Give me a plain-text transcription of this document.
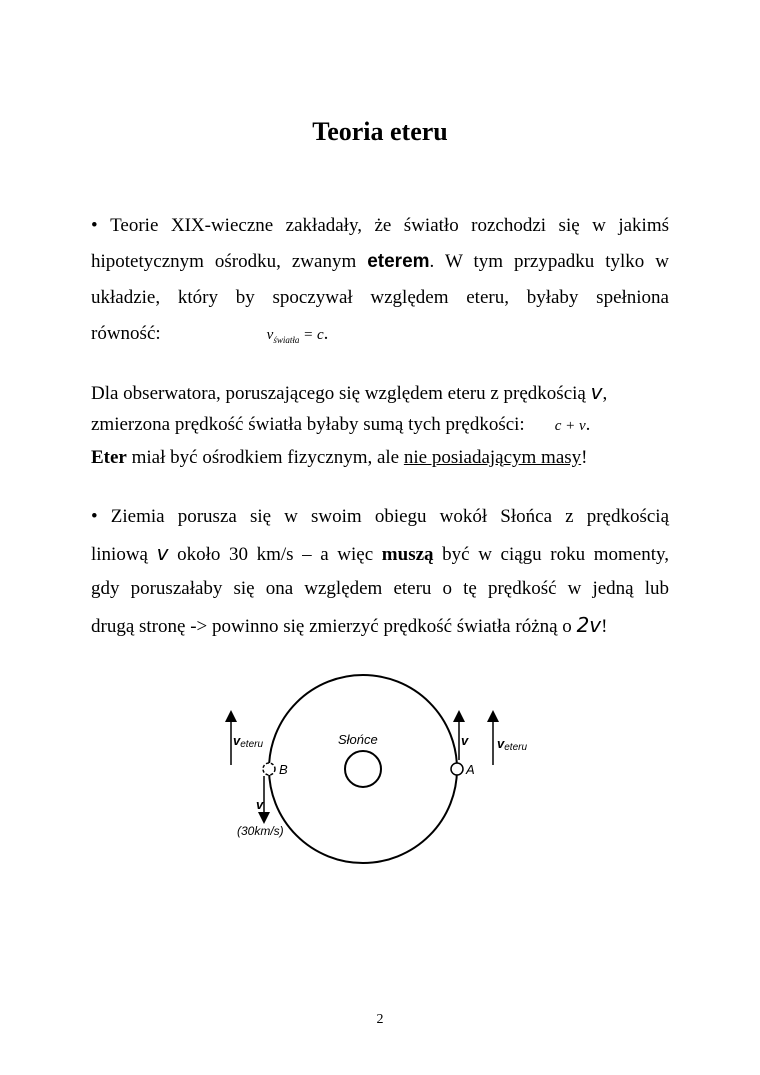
Teoria eteru
• Teorie XIX-wieczne zakładały, że światło rozchodzi się w jakimś
hipotetycznym ośrodku, zwanym eterem. W tym przypadku tylko w
układzie, który by spoczywał względem eteru, byłaby spełniona
równość:	$v_{światła} = c$.
Dla obserwatora, poruszającego się względem eteru z prędkością v,
zmierzona prędkość światła byłaby sumą tych prędkości: c + v.
Eter miał być ośrodkiem fizycznym, ale nie posiadającym masy!
• Ziemia porusza się w swoim obiegu wokół Słońca z prędkością
liniową v około 30 km/s – a więc muszą być w ciągu roku momenty,
gdy poruszałaby się ona względem eteru o tę prędkość w jedną lub
drugą stronę -> powinno się zmierzyć prędkość światła różną o 2v!
Słońce
A
v veteru
B
v
(30km/s)
veteru
2
